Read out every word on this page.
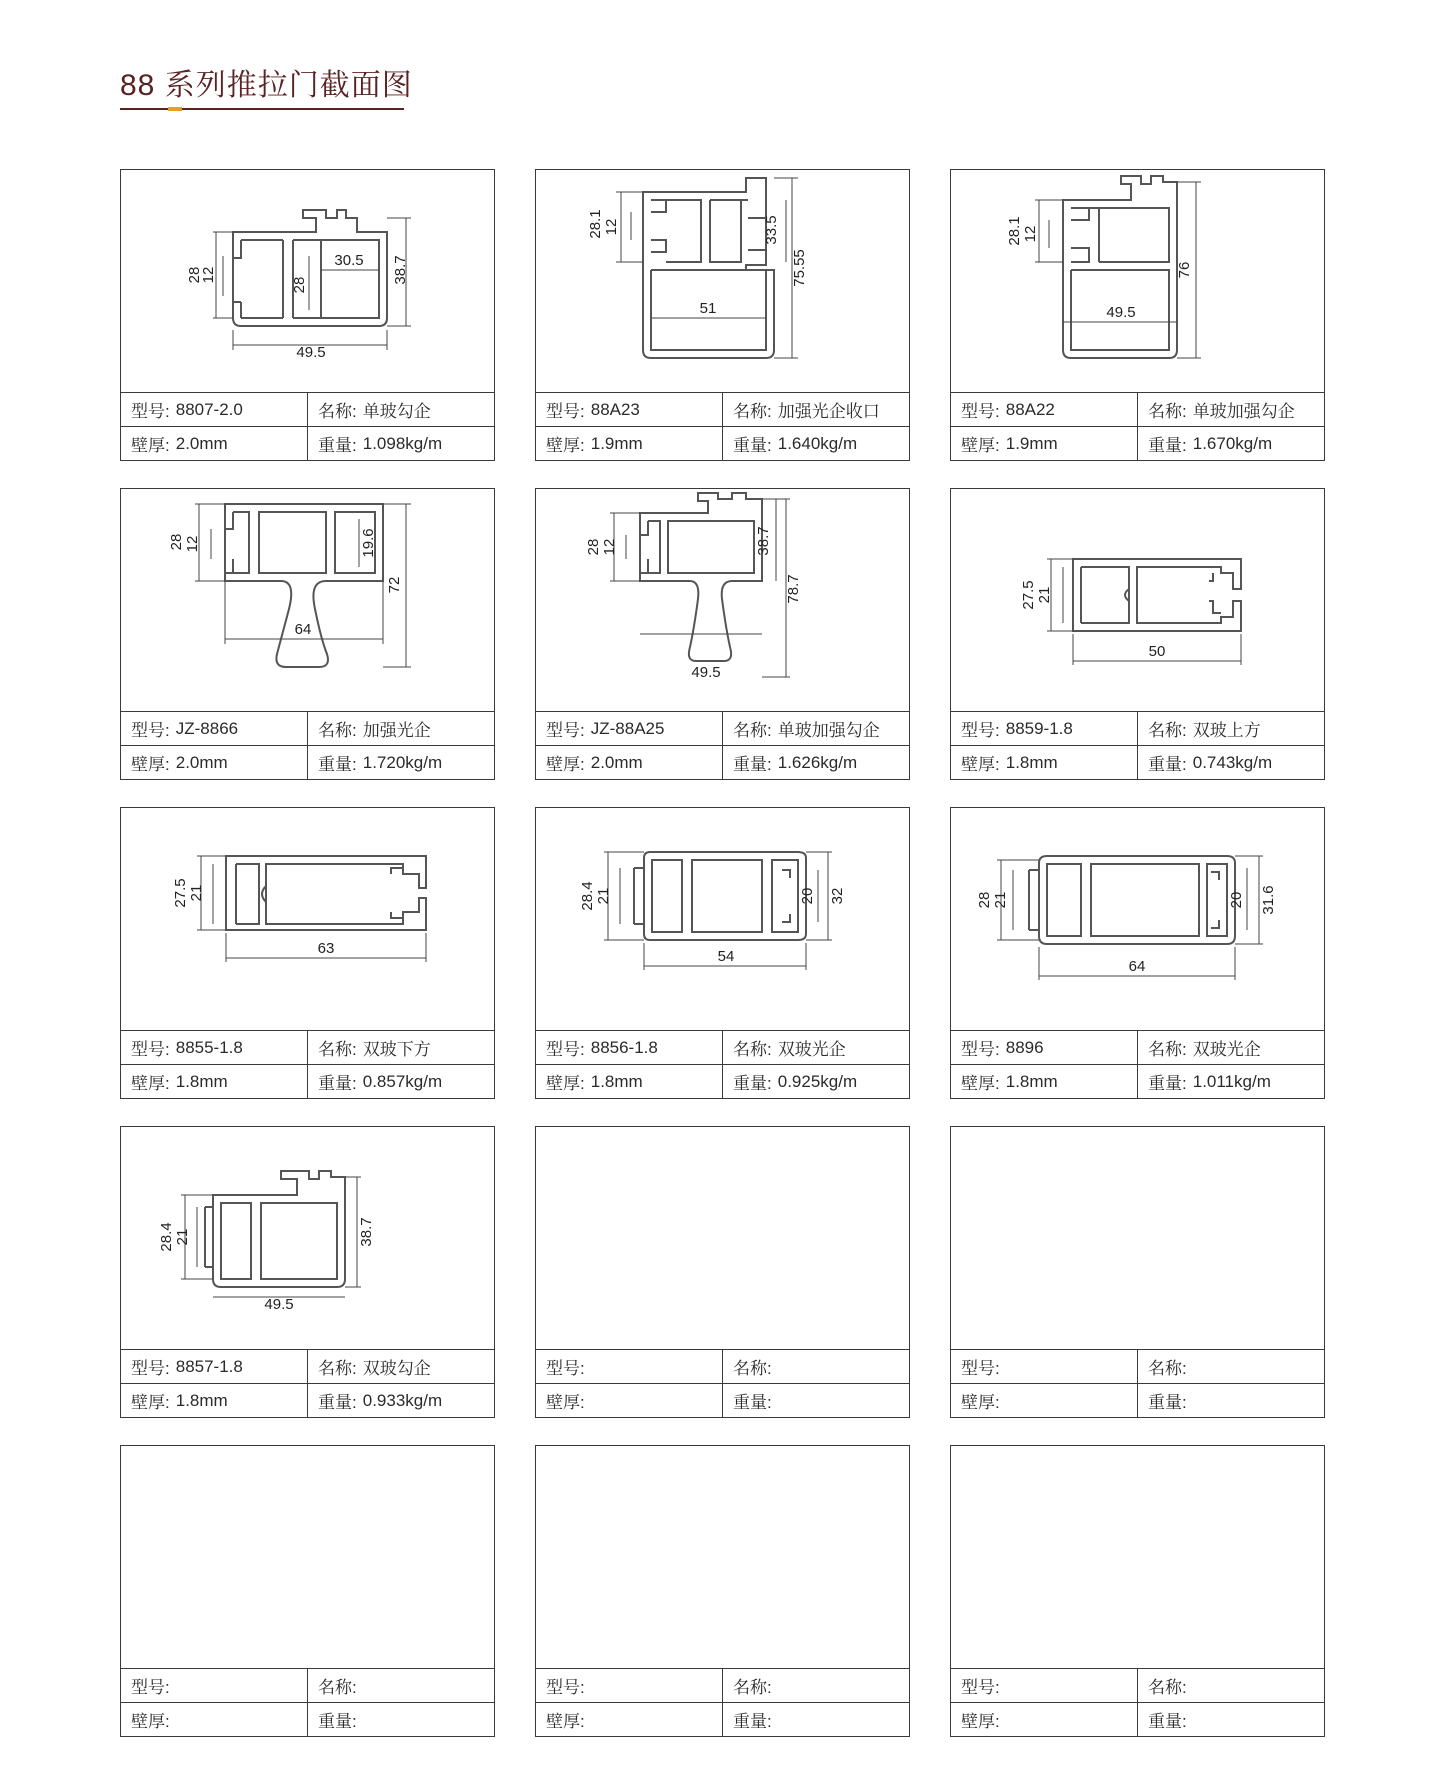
88 系列推拉门截面图
28
12
28
30.5 38.7
49.5
型号: 8807-2.0	名称: 单玻勾企
壁厚: 2.0mm	重量: 1.098kg/m
28.1 12	33.5
75.55
51
型号: 88A23	名称: 加强光企收口
壁厚: 1.9mm	重量: 1.640kg/m
28.1 12
76
49.5
型号: 88A22	名称: 单玻加强勾企
壁厚: 1.9mm	重量: 1.670kg/m
28 12	19.6
72
64
型号: JZ-8866	名称: 加强光企
壁厚: 2.0mm	重量: 1.720kg/m
28 12	38.7
78.7
49.5
型号: JZ-88A25	名称: 单玻加强勾企
壁厚: 2.0mm	重量: 1.626kg/m
27.5 21
50
型号: 8859-1.8	名称: 双玻上方
壁厚: 1.8mm	重量: 0.743kg/m
27.5 21
63
型号: 8855-1.8	名称: 双玻下方
壁厚: 1.8mm	重量: 0.857kg/m
28.4 21	20 32
54
型号: 8856-1.8	名称: 双玻光企
壁厚: 1.8mm	重量: 0.925kg/m
28 21	20 31.6
64
型号: 8896	名称: 双玻光企
壁厚: 1.8mm	重量: 1.011kg/m
28.4 21	38.7
49.5
型号: 8857-1.8	名称: 双玻勾企
壁厚: 1.8mm	重量: 0.933kg/m
型号:	名称:
壁厚:	重量:
型号:	名称:
壁厚:	重量:
型号:	名称:
壁厚:	重量:
型号:	名称:
壁厚:	重量:
型号:	名称:
壁厚:	重量:
